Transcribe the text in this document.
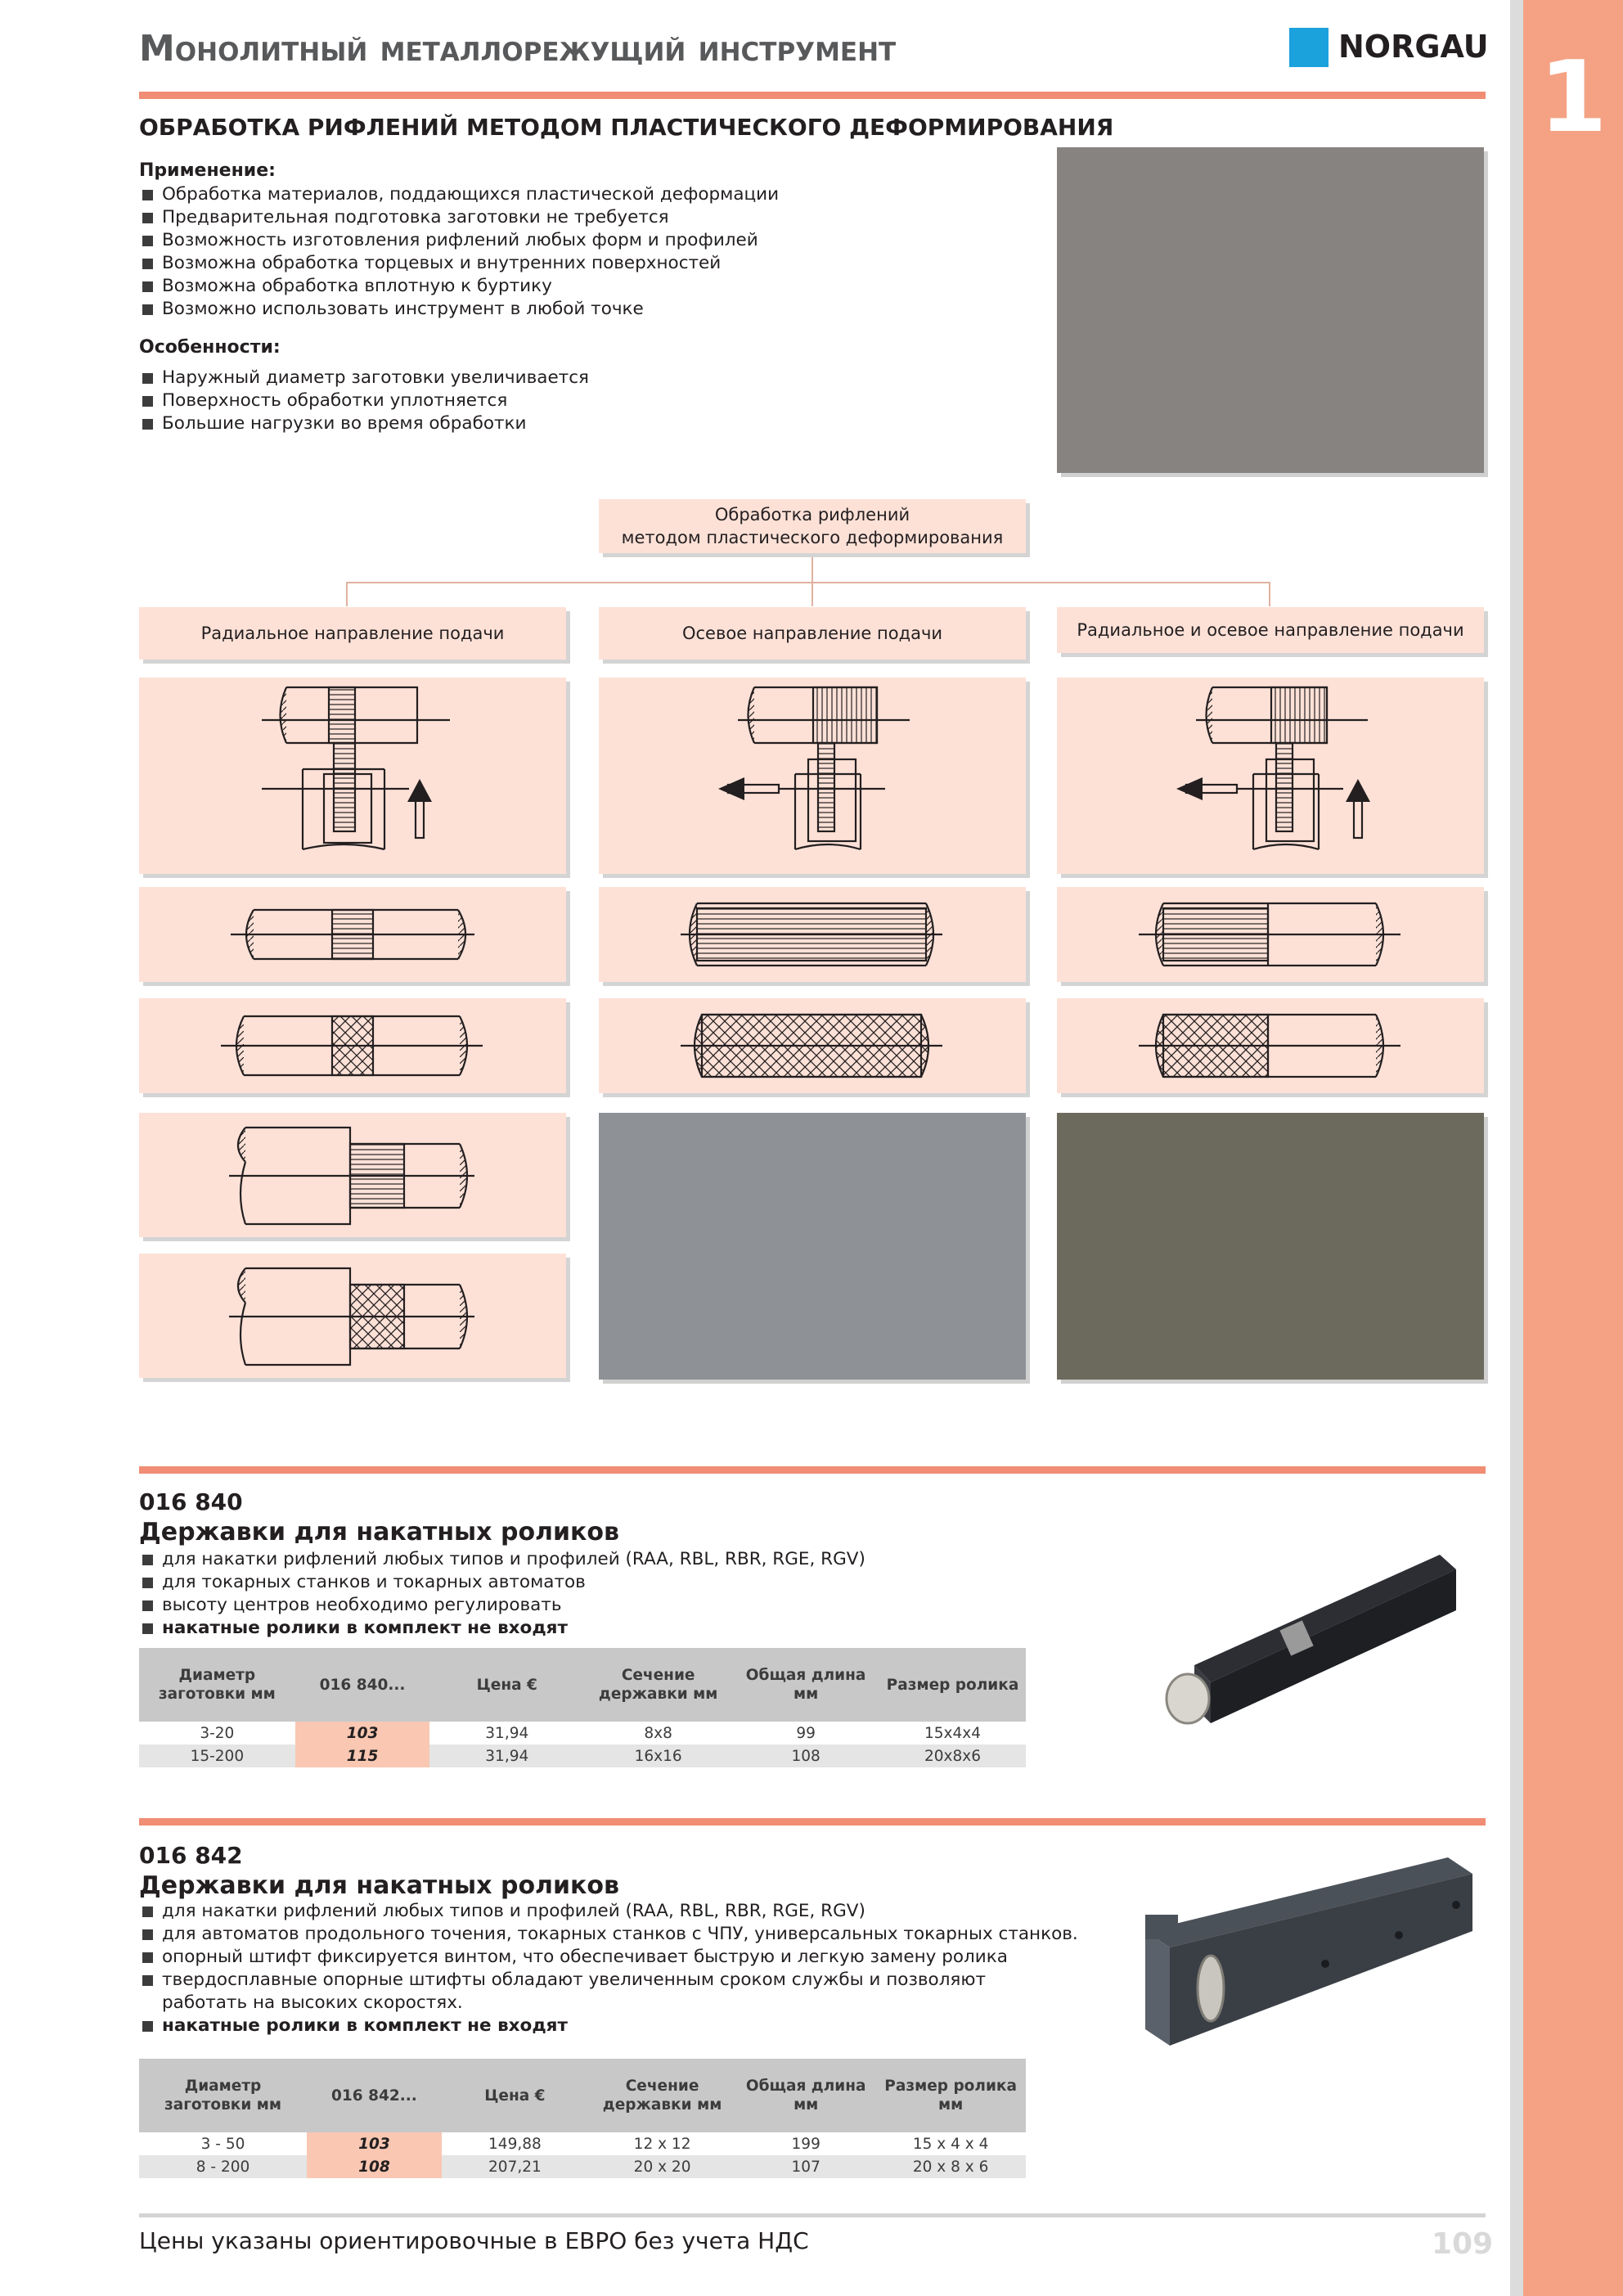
1
Монолитный металлорежущий инструмент	NORGAU
ОБРАБОТКА РИФЛЕНИЙ МЕТОДОМ ПЛАСТИЧЕСКОГО ДЕФОРМИРОВАНИЯ
Применение:
Обработка материалов, поддающихся пластической деформации
Предварительная подготовка заготовки не требуется
Возможность изготовления рифлений любых форм и профилей
Возможна обработка торцевых и внутренних поверхностей
Возможна обработка вплотную к буртику
Возможно использовать инструмент в любой точке
Особенности:
Наружный диаметр заготовки увеличивается
Поверхность обработки уплотняется
Большие нагрузки во время обработки
Обработка рифлений
методом пластического деформирования
Радиальное направление подачи	Осевое направление подачи	Радиальное и осевое направление подачи
016 840
Державки для накатных роликов
для накатки рифлений любых типов и профилей (RAA, RBL, RBR, RGE, RGV)
для токарных станков и токарных автоматов
высоту центров необходимо регулировать
накатные ролики в комплект не входят
Диаметр заготовки мм	016 840...	Цена €	Сечение державки мм	Общая длина мм	Размер ролика
3-20	103	31,94	8x8	99	15x4x4
15-200	115	31,94	16x16	108	20x8x6
016 842
Державки для накатных роликов
для накатки рифлений любых типов и профилей (RAA, RBL, RBR, RGE, RGV)
для автоматов продольного точения, токарных станков с ЧПУ, универсальных токарных станков.
опорный штифт фиксируется винтом, что обеспечивает быструю и легкую замену ролика
твердосплавные опорные штифты обладают увеличенным сроком службы и позволяют работать на высоких скоростях.
накатные ролики в комплект не входят
Диаметр заготовки мм	016 842...	Цена €	Сечение державки мм	Общая длина мм	Размер ролика мм
3 - 50	103	149,88	12 x 12	199	15 x 4 x 4
8 - 200	108	207,21	20 x 20	107	20 x 8 x 6
Цены указаны ориентировочные в ЕВРО без учета НДС	109
